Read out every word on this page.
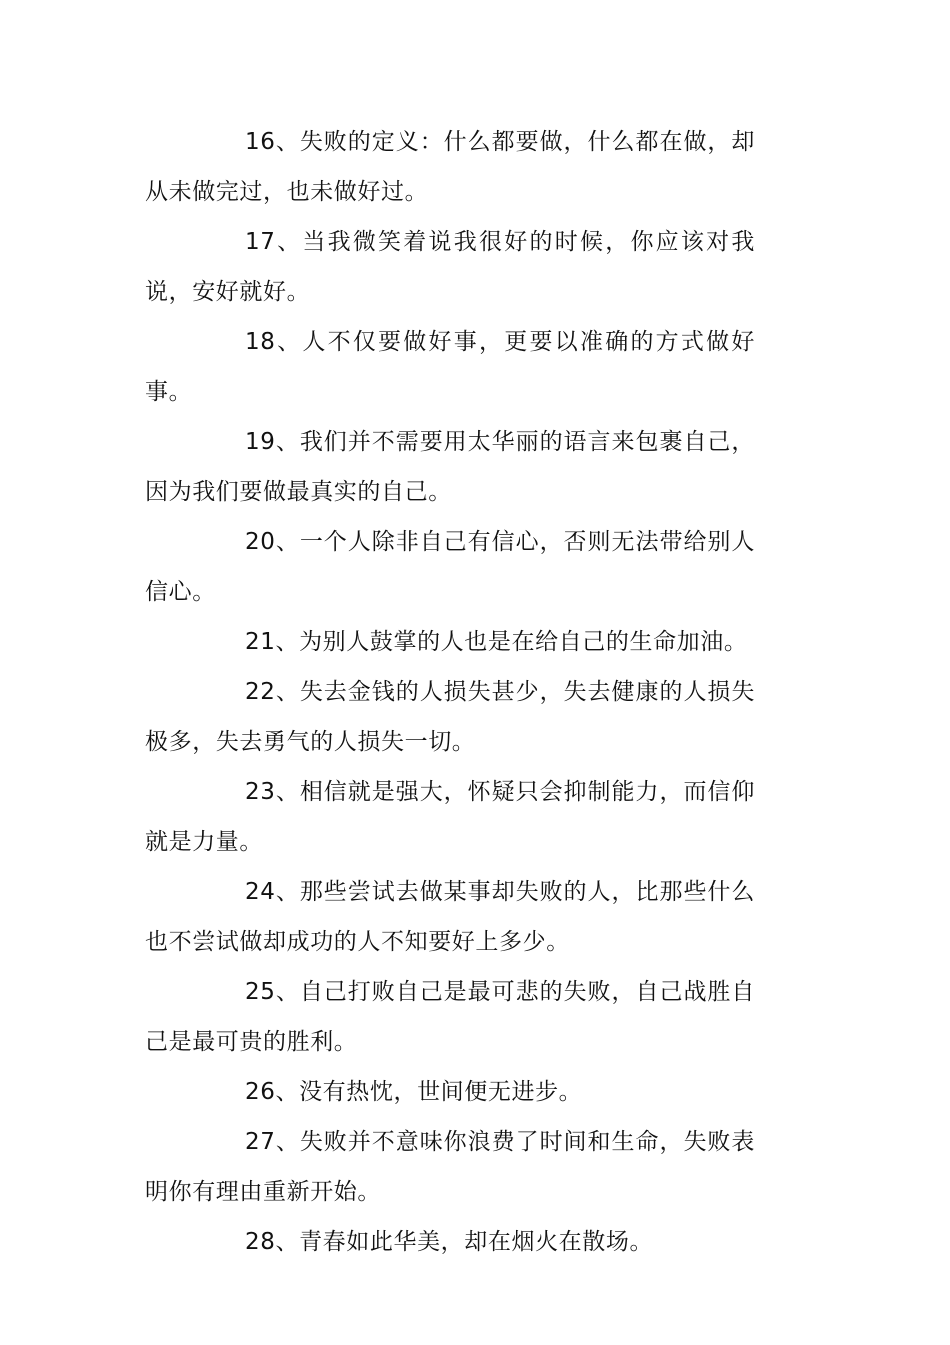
16、失败的定义：什么都要做，什么都在做，却从未做完过，也未做好过。

17、当我微笑着说我很好的时候，你应该对我说，安好就好。

18、人不仅要做好事，更要以准确的方式做好事。

19、我们并不需要用太华丽的语言来包裹自己，因为我们要做最真实的自己。

20、一个人除非自己有信心，否则无法带给别人信心。

21、为别人鼓掌的人也是在给自己的生命加油。

22、失去金钱的人损失甚少，失去健康的人损失极多，失去勇气的人损失一切。

23、相信就是强大，怀疑只会抑制能力，而信仰就是力量。

24、那些尝试去做某事却失败的人，比那些什么也不尝试做却成功的人不知要好上多少。

25、自己打败自己是最可悲的失败，自己战胜自己是最可贵的胜利。

26、没有热忱，世间便无进步。

27、失败并不意味你浪费了时间和生命，失败表明你有理由重新开始。

28、青春如此华美，却在烟火在散场。
